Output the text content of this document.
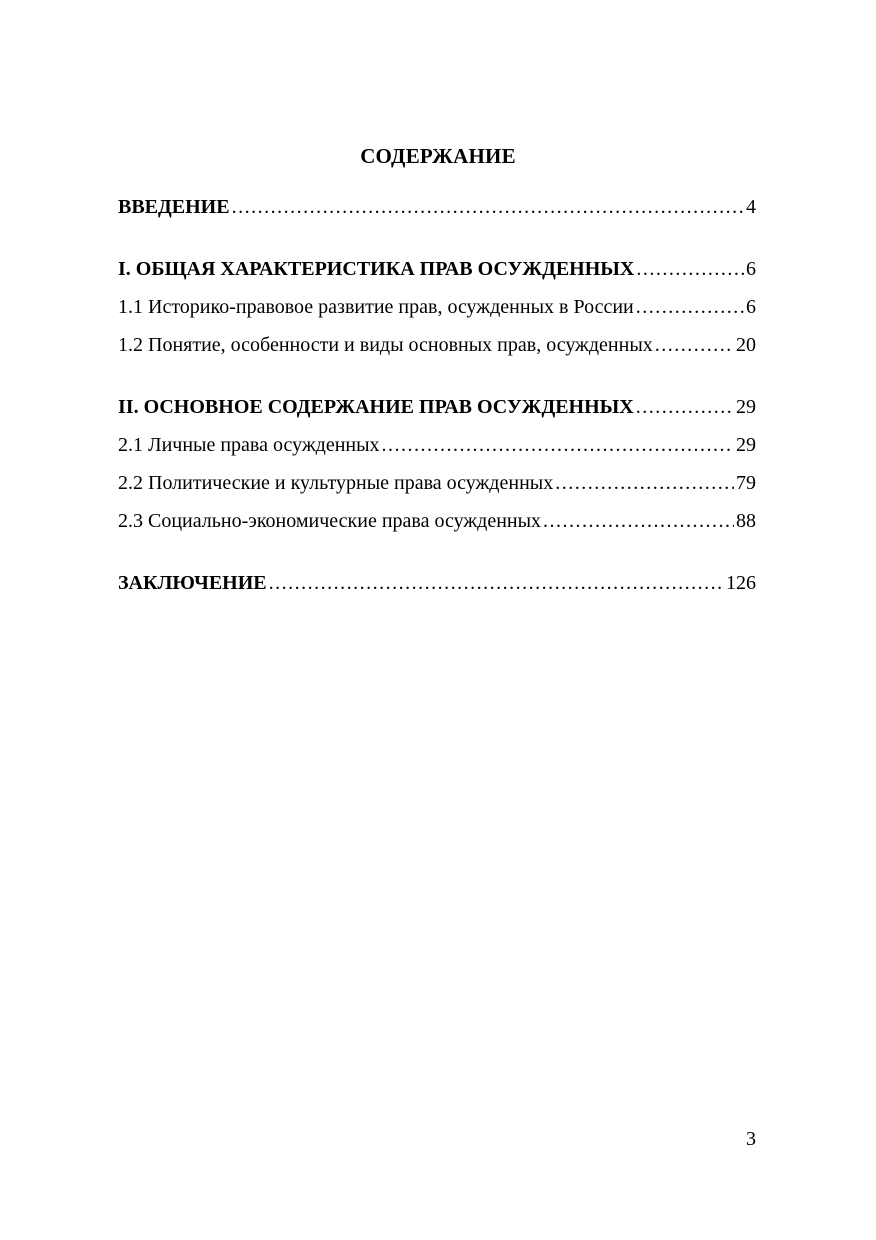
СОДЕРЖАНИЕ
ВВЕДЕНИЕ .....	4
I. ОБЩАЯ ХАРАКТЕРИСТИКА ПРАВ ОСУЖДЕННЫХ .....	6
1.1 Историко-правовое развитие прав, осужденных в России .....	6
1.2 Понятие, особенности и виды основных прав, осужденных .....	20
II. ОСНОВНОЕ СОДЕРЖАНИЕ ПРАВ ОСУЖДЕННЫХ .....	29
2.1 Личные права осужденных .....	29
2.2 Политические и культурные права осужденных .....	79
2.3 Социально-экономические права осужденных .....	88
ЗАКЛЮЧЕНИЕ .....	126
3
